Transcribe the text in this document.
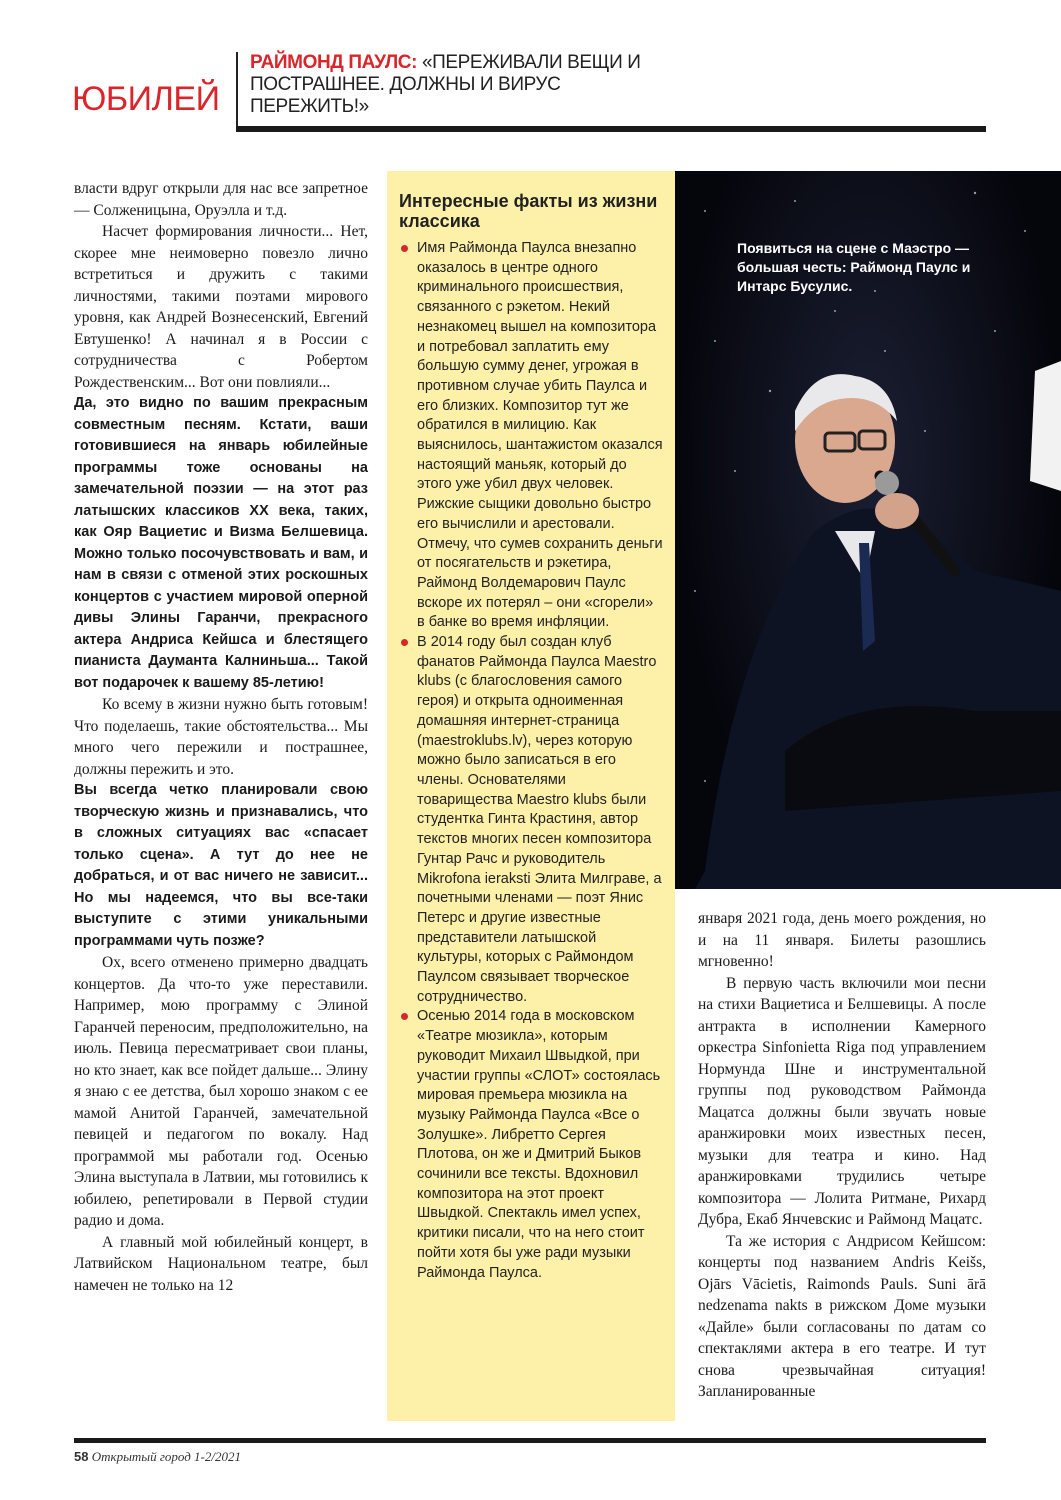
ЮБИЛЕЙ
РАЙМОНД ПАУЛС: «ПЕРЕЖИВАЛИ ВЕЩИ И ПОСТРАШНЕЕ. ДОЛЖНЫ И ВИРУС ПЕРЕЖИТЬ!»

власти вдруг открыли для нас все запретное — Солженицына, Оруэлла и т.д.

Насчет формирования личности... Нет, скорее мне неимоверно повезло лично встретиться и дружить с такими личностями, такими поэтами мирового уровня, как Андрей Вознесенский, Евгений Евтушенко! А начинал я в России с сотрудничества с Робертом Рождественским... Вот они повлияли...

Да, это видно по вашим прекрасным совместным песням. Кстати, ваши готовившиеся на январь юбилейные программы тоже основаны на замечательной поэзии — на этот раз латышских классиков XX века, таких, как Ояр Вациетис и Визма Белшевица. Можно только посочувствовать и вам, и нам в связи с отменой этих роскошных концертов с участием мировой оперной дивы Элины Гаранчи, прекрасного актера Андриса Кейшса и блестящего пианиста Даумантa Калниньша... Такой вот подарочек к вашему 85-летию!

Ко всему в жизни нужно быть готовым! Что поделаешь, такие обстоятельства... Мы много чего пережили и пострашнее, должны пережить и это.

Вы всегда четко планировали свою творческую жизнь и признавались, что в сложных ситуациях вас «спасает только сцена». А тут до нее не добраться, и от вас ничего не зависит... Но мы надеемся, что вы все-таки выступите с этими уникальными программами чуть позже?

Ох, всего отменено примерно двадцать концертов. Да что-то уже переставили. Например, мою программу с Элиной Гаранчей переносим, предположительно, на июль. Певица пересматривает свои планы, но кто знает, как все пойдет дальше... Элину я знаю с ее детства, был хорошо знаком с ее мамой Анитой Гаранчей, замечательной певицей и педагогом по вокалу. Над программой мы работали год. Осенью Элина выступала в Латвии, мы готовились к юбилею, репетировали в Первой студии радио и дома.

А главный мой юбилейный концерт, в Латвийском Национальном театре, был намечен не только на 12

Интересные факты из жизни классика
Имя Раймонда Паулса внезапно оказалось в центре одного криминального происшествия, связанного с рэкетом. Некий незнакомец вышел на композитора и потребовал заплатить ему большую сумму денег, угрожая в противном случае убить Паулса и его близких. Композитор тут же обратился в милицию. Как выяснилось, шантажистом оказался настоящий маньяк, который до этого уже убил двух человек. Рижские сыщики довольно быстро его вычислили и арестовали. Отмечу, что сумев сохранить деньги от посягательств и рэкетира, Раймонд Волдемарович Паулс вскоре их потерял – они «сгорели» в банке во время инфляции.
В 2014 году был создан клуб фанатов Раймонда Паулса Maestro klubs (с благословения самого героя) и открыта одноименная домашняя интернет-страница (maestroklubs.lv), через которую можно было записаться в его члены. Основателями товарищества Maestro klubs были студентка Гинта Крастиня, автор текстов многих песен композитора Гунтар Рачс и руководитель Mikrofona ieraksti Элита Милграве, а почетными членами — поэт Янис Петерс и другие известные представители латышской культуры, которых с Раймондом Паулсом связывает творческое сотрудничество.
Осенью 2014 года в московском «Театре мюзикла», которым руководит Михаил Швыдкой, при участии группы «СЛОТ» состоялась мировая премьера мюзикла на музыку Раймонда Паулса «Все о Золушке». Либретто Сергея Плотова, он же и Дмитрий Быков сочинили все тексты. Вдохновил композитора на этот проект Швыдкой. Спектакль имел успех, критики писали, что на него стоит пойти хотя бы уже ради музыки Раймонда Паулса.
Появиться на сцене с Маэстро — большая честь: Раймонд Паулс и Интарс Бусулис.

января 2021 года, день моего рождения, но и на 11 января. Билеты разошлись мгновенно!

В первую часть включили мои песни на стихи Вациетиса и Белшевицы. А после антракта в исполнении Камерного оркестра Sinfonietta Riga под управлением Нормунда Шне и инструментальной группы под руководством Раймонда Мацатса должны были звучать новые аранжировки моих известных песен, музыки для театра и кино. Над аранжировками трудились четыре композитора — Лолита Ритмане, Рихард Дубра, Екаб Янчевскис и Раймонд Мацатс.

Та же история с Андрисом Кейшсом: концерты под названием Andris Keišs, Ojārs Vācietis, Raimonds Pauls. Suni ārā nedzenama nakts в рижском Доме музыки «Дайле» были согласованы по датам со спектаклями актера в его театре. И тут снова чрезвычайная ситуация! Запланированные

58 Открытый город 1-2/2021
